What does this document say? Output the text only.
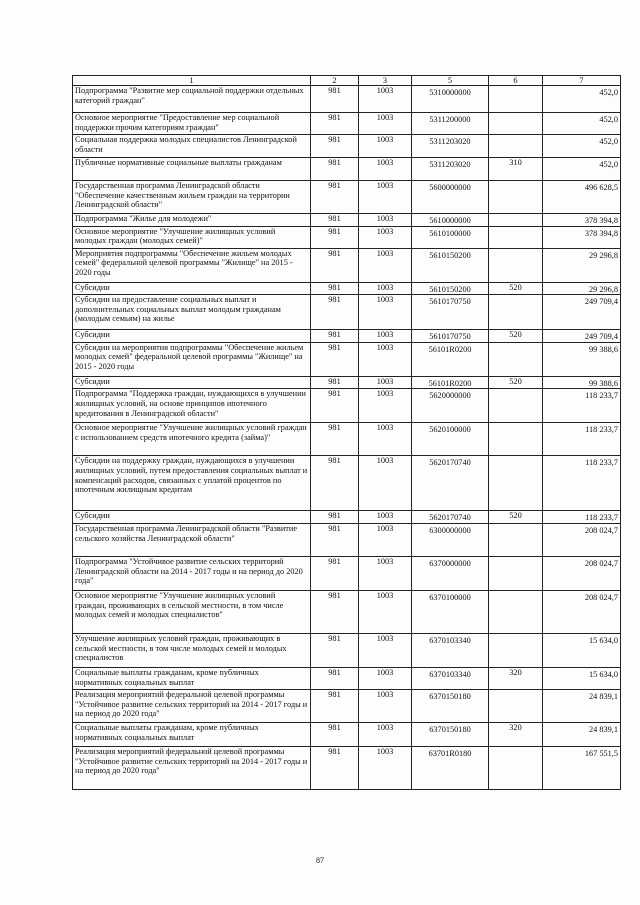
1	2	3	5	6	7
Подпрограмма "Развитие мер социальной поддержки отдельных категорий граждан"	981	1003	5310000000		452,0
Основное мероприятие "Предоставление мер социальной поддержки прочим категориям граждан"	981	1003	5311200000		452,0
Социальная поддержка молодых специалистов Ленинградской области	981	1003	5311203020		452,0
Публичные нормативные социальные выплаты гражданам	981	1003	5311203020	310	452,0
Государственная программа Ленинградской области "Обеспечение качественным жильем граждан на территории Ленинградской области"	981	1003	5600000000		496 628,5
Подпрограмма "Жилье для молодежи"	981	1003	5610000000		378 394,8
Основное мероприятие "Улучшение жилищных условий молодых граждан (молодых семей)"	981	1003	5610100000		378 394,8
Мероприятия подпрограммы "Обеспечение жильем молодых семей" федеральной целевой программы "Жилище" на 2015 - 2020 годы	981	1003	5610150200		29 296,8
Субсидии	981	1003	5610150200	520	29 296,8
Субсидии на предоставление социальных выплат и дополнительных социальных выплат молодым гражданам (молодым семьям) на жилье	981	1003	5610170750		249 709,4
Субсидии	981	1003	5610170750	520	249 709,4
Субсидии на мероприятия подпрограммы "Обеспечение жильем молодых семей" федеральной целевой программы "Жилище" на 2015 - 2020 годы	981	1003	56101R0200		99 388,6
Субсидии	981	1003	56101R0200	520	99 388,6
Подпрограмма "Поддержка граждан, нуждающихся в улучшении жилищных условий, на основе принципов ипотечного кредитования в Ленинградской области"	981	1003	5620000000		118 233,7
Основное мероприятие "Улучшение жилищных условий граждан с использованием средств ипотечного кредита (займа)"	981	1003	5620100000		118 233,7
Субсидии на поддержку граждан, нуждающихся в улучшении жилищных условий, путем предоставления социальных выплат и компенсаций расходов, связанных с уплатой процентов по ипотечным жилищным кредитам	981	1003	5620170740		118 233,7
Субсидии	981	1003	5620170740	520	118 233,7
Государственная программа Ленинградской области "Развитие сельского хозяйства Ленинградской области"	981	1003	6300000000		208 024,7
Подпрограмма "Устойчивое развитие сельских территорий Ленинградской области на 2014 - 2017 годы и на период до 2020 года"	981	1003	6370000000		208 024,7
Основное мероприятие "Улучшение жилищных условий граждан, проживающих в сельской местности, в том числе молодых семей и молодых специалистов"	981	1003	6370100000		208 024,7
Улучшение жилищных условий граждан, проживающих в сельской местности, в том числе молодых семей и молодых специалистов	981	1003	6370103340		15 634,0
Социальные выплаты гражданам, кроме публичных нормативных социальных выплат	981	1003	6370103340	320	15 634,0
Реализация мероприятий федеральной целевой программы "Устойчивое развитие сельских территорий на 2014 - 2017 годы и на период до 2020 года"	981	1003	6370150180		24 839,1
Социальные выплаты гражданам, кроме публичных нормативных социальных выплат	981	1003	6370150180	320	24 839,1
Реализация мероприятий федеральной целевой программы "Устойчивое развитие сельских территорий на 2014 - 2017 годы и на период до 2020 года"	981	1003	63701R0180		167 551,5
87
